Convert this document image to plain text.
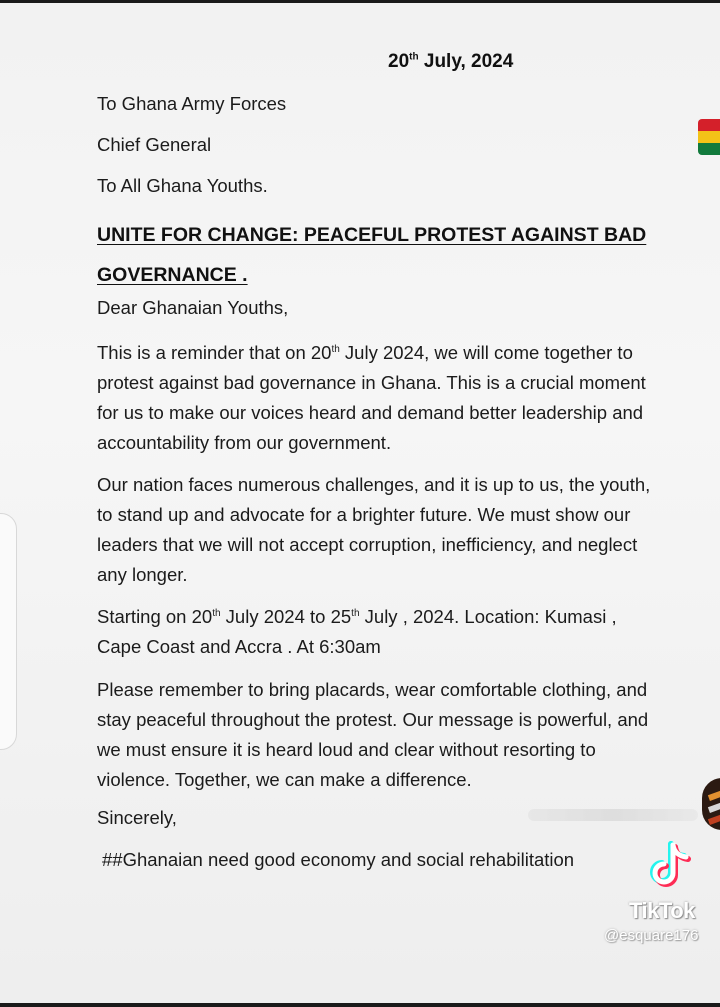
20th July, 2024
To Ghana Army Forces
Chief General
To All Ghana Youths.
UNITE FOR CHANGE: PEACEFUL PROTEST AGAINST BAD
GOVERNANCE .
Dear Ghanaian Youths,
This is a reminder that on 20th July 2024, we will come together to
protest against bad governance in Ghana. This is a crucial moment
for us to make our voices heard and demand better leadership and
accountability from our government.
Our nation faces numerous challenges, and it is up to us, the youth,
to stand up and advocate for a brighter future. We must show our
leaders that we will not accept corruption, inefficiency, and neglect
any longer.
Starting on 20th July 2024 to 25th July , 2024. Location: Kumasi ,
Cape Coast and Accra . At 6:30am
Please remember to bring placards, wear comfortable clothing, and
stay peaceful throughout the protest. Our message is powerful, and
we must ensure it is heard loud and clear without resorting to
violence. Together, we can make a difference.
Sincerely,
##Ghanaian need good economy and social rehabilitation
TikTok
@esquare176
